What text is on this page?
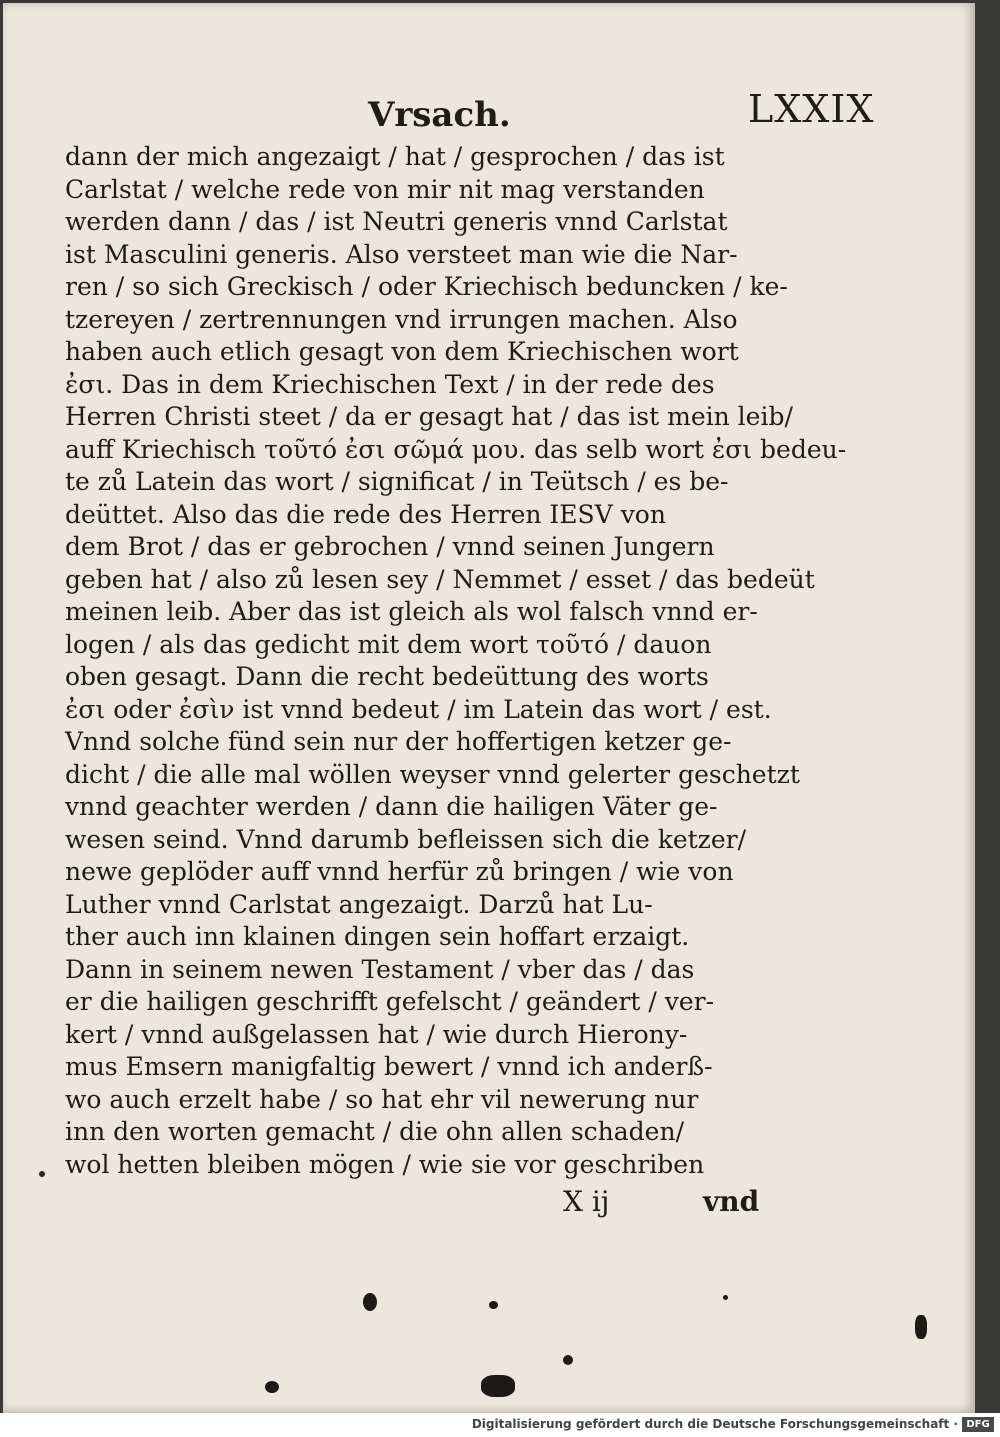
Vrsach.	LXXIX
dann der mich angezaigt / hat / gesprochen / das ist
Carlstat / welche rede von mir nit mag verstanden
werden dann / das / ist Neutri generis vnnd Carlstat
ist Masculini generis. Also versteet man wie die Nar-
ren / so sich Greckisch / oder Kriechisch beduncken / ke-
tzereyen / zertrennungen vnd irrungen machen. Also
haben auch etlich gesagt von dem Kriechischen wort
ἐσι. Das in dem Kriechischen Text / in der rede des
Herren Christi steet / da er gesagt hat / das ist mein leib/
auff Kriechisch τοῦτό ἐσι σῶμά μου. das selb wort ἐσι bedeu-
te zů Latein das wort / significat / in Teütsch / es be-
deüttet. Also das die rede des Herren IESV von
dem Brot / das er gebrochen / vnnd seinen Jungern
geben hat / also zů lesen sey / Nemmet / esset / das bedeüt
meinen leib. Aber das ist gleich als wol falsch vnnd er-
logen / als das gedicht mit dem wort τοῦτό / dauon
oben gesagt. Dann die recht bedeüttung des worts
ἐσι oder ἐσὶν ist vnnd bedeut / im Latein das wort / est.
Vnnd solche fünd sein nur der hoffertigen ketzer ge-
dicht / die alle mal wöllen weyser vnnd gelerter geschetzt
vnnd geachter werden / dann die hailigen Väter ge-
wesen seind. Vnnd darumb befleissen sich die ketzer/
newe geplöder auff vnnd herfür zů bringen / wie von
Luther vnnd Carlstat angezaigt. Darzů hat Lu-
ther auch inn klainen dingen sein hoffart erzaigt.
Dann in seinem newen Testament / vber das / das
er die hailigen geschrifft gefelscht / geändert / ver-
kert / vnnd außgelassen hat / wie durch Hierony-
mus Emsern manigfaltig bewert / vnnd ich anderß-
wo auch erzelt habe / so hat ehr vil newerung nur
inn den worten gemacht / die ohn allen schaden/
wol hetten bleiben mögen / wie sie vor geschriben
X ij	vnd
Digitalisierung gefördert durch die Deutsche Forschungsgemeinschaft · DFG
